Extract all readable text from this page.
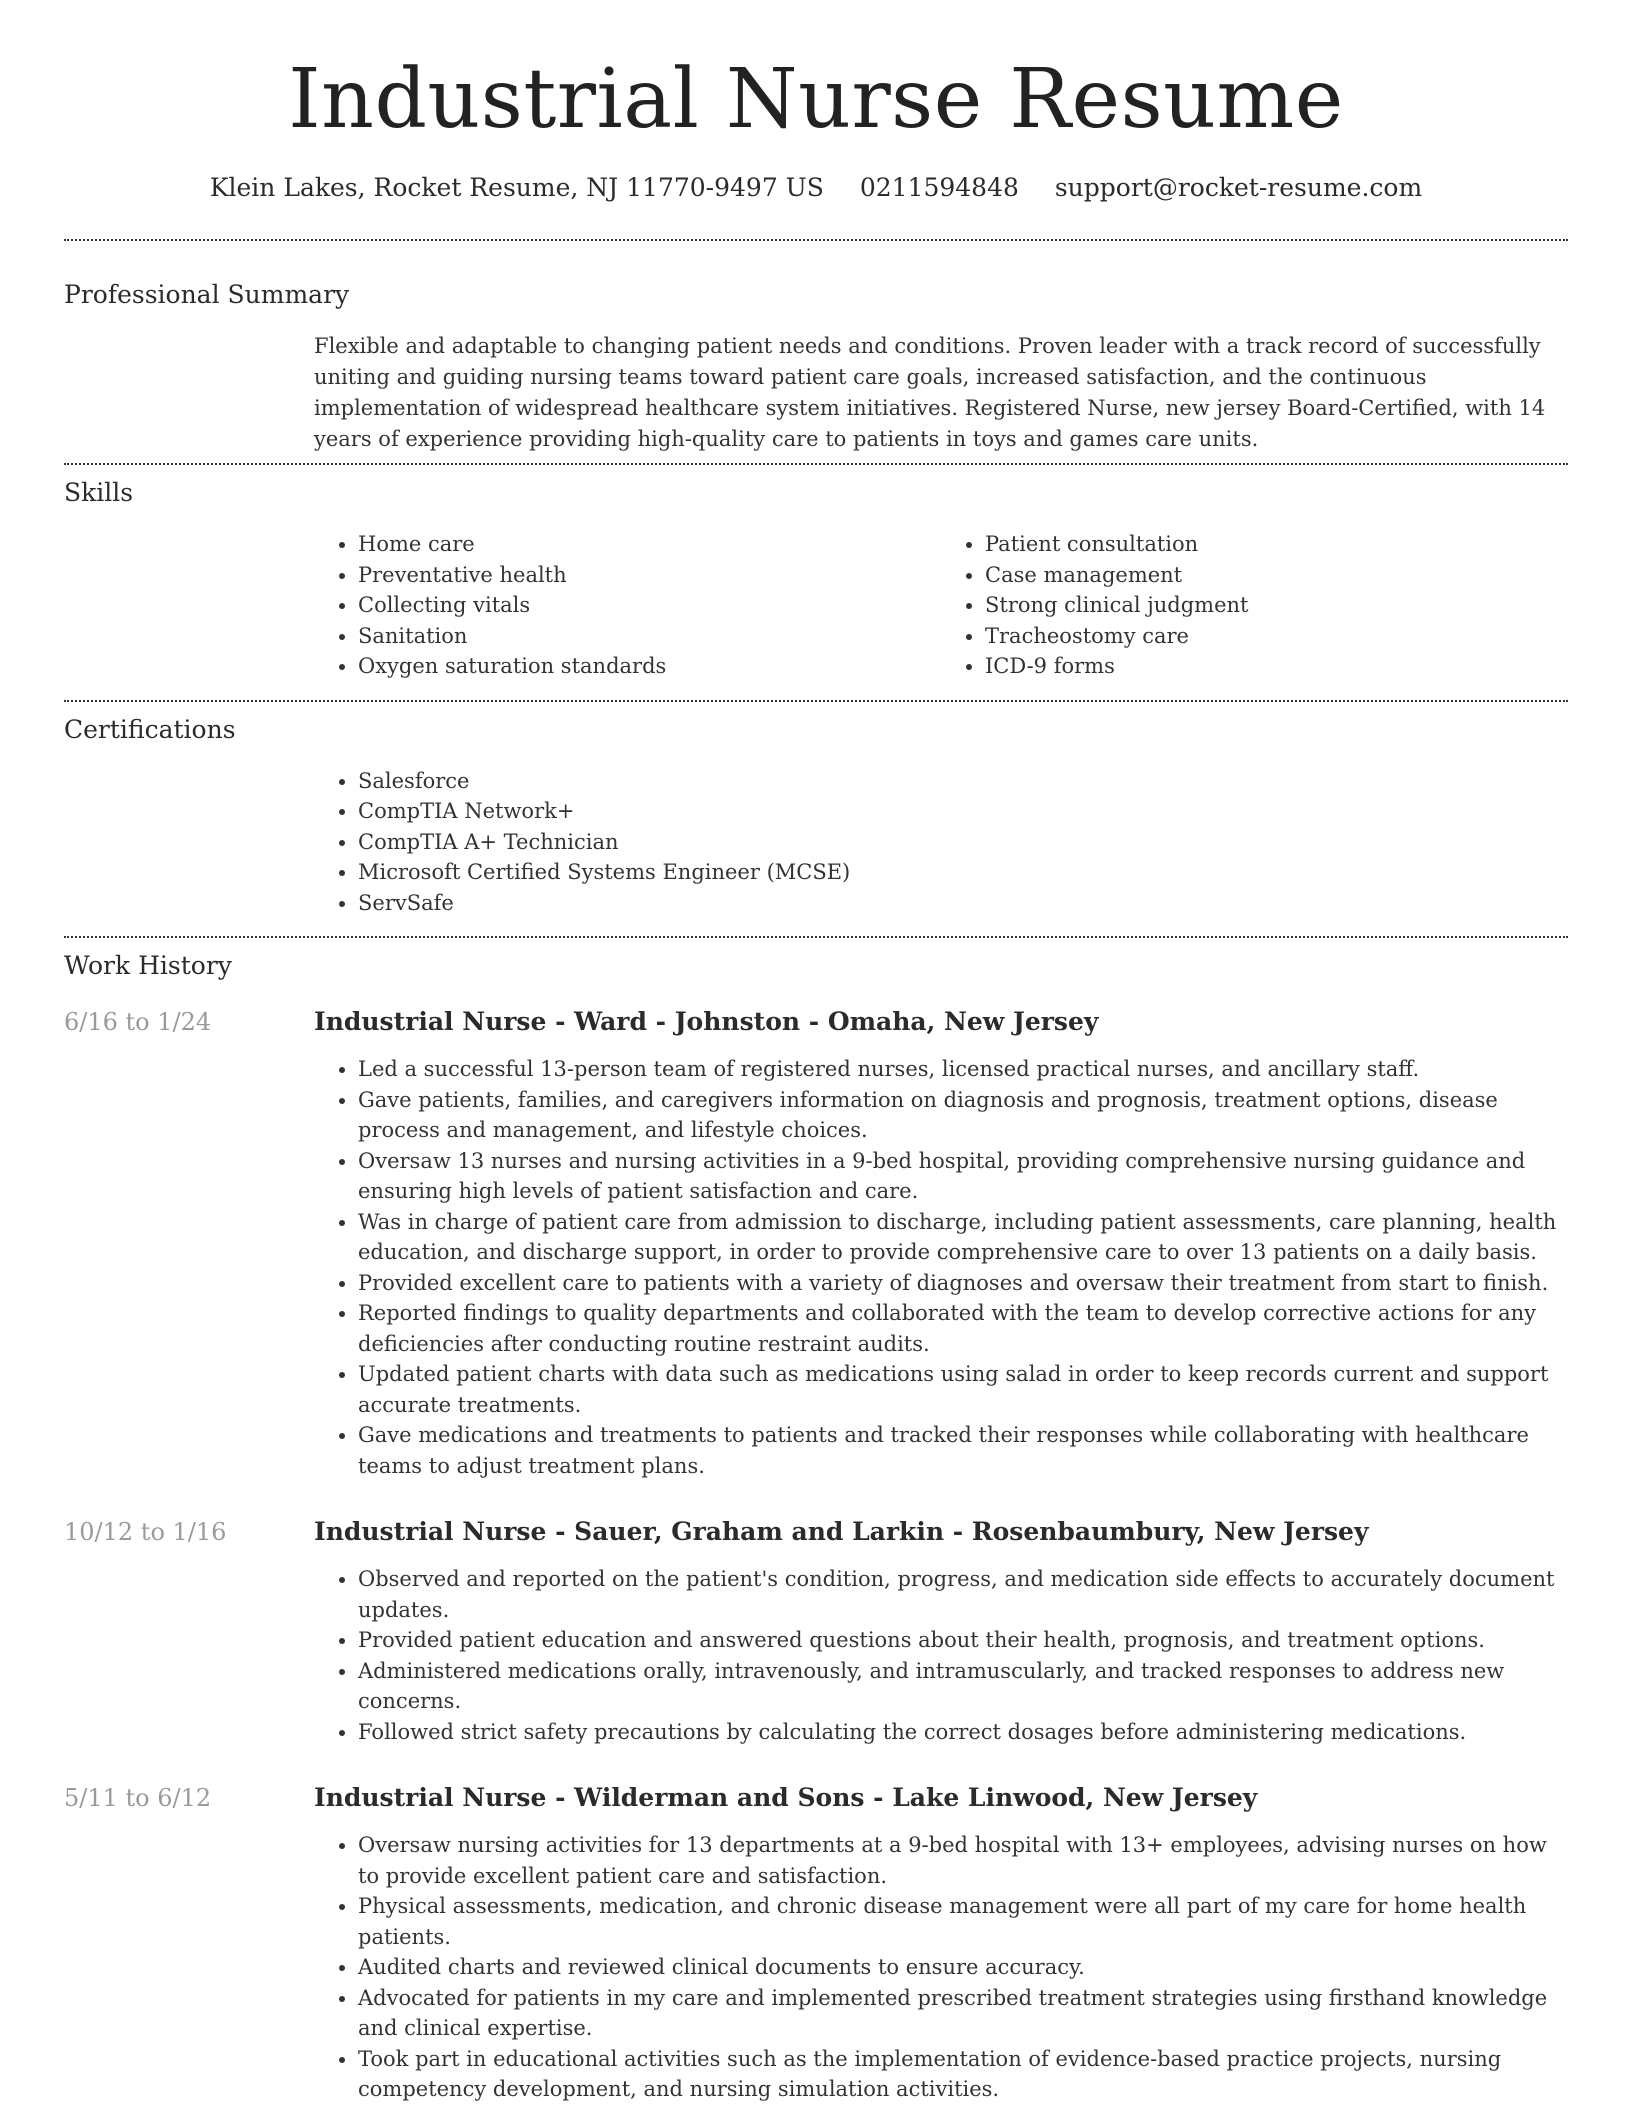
Industrial Nurse Resume
Klein Lakes, Rocket Resume, NJ 11770-9497 US 0211594848 support@rocket-resume.com
Professional Summary

Flexible and adaptable to changing patient needs and conditions. Proven leader with a track record of successfully uniting and guiding nursing teams toward patient care goals, increased satisfaction, and the continuous implementation of widespread healthcare system initiatives. Registered Nurse, new jersey Board-Certified, with 14 years of experience providing high-quality care to patients in toys and games care units.

Skills
• Home care
• Preventative health
• Collecting vitals
• Sanitation
• Oxygen saturation standards
• Patient consultation
• Case management
• Strong clinical judgment
• Tracheostomy care
• ICD-9 forms
Certifications
• Salesforce
• CompTIA Network+
• CompTIA A+ Technician
• Microsoft Certified Systems Engineer (MCSE)
• ServSafe
Work History
6/16 to 1/24	Industrial Nurse - Ward - Johnston - Omaha, New Jersey
• Led a successful 13-person team of registered nurses, licensed practical nurses, and ancillary staff.
• Gave patients, families, and caregivers information on diagnosis and prognosis, treatment options, disease process and management, and lifestyle choices.
• Oversaw 13 nurses and nursing activities in a 9-bed hospital, providing comprehensive nursing guidance and ensuring high levels of patient satisfaction and care.
• Was in charge of patient care from admission to discharge, including patient assessments, care planning, health education, and discharge support, in order to provide comprehensive care to over 13 patients on a daily basis.
• Provided excellent care to patients with a variety of diagnoses and oversaw their treatment from start to finish.
• Reported findings to quality departments and collaborated with the team to develop corrective actions for any deficiencies after conducting routine restraint audits.
• Updated patient charts with data such as medications using salad in order to keep records current and support accurate treatments.
• Gave medications and treatments to patients and tracked their responses while collaborating with healthcare teams to adjust treatment plans.
10/12 to 1/16	Industrial Nurse - Sauer, Graham and Larkin - Rosenbaumbury, New Jersey
• Observed and reported on the patient's condition, progress, and medication side effects to accurately document updates.
• Provided patient education and answered questions about their health, prognosis, and treatment options.
• Administered medications orally, intravenously, and intramuscularly, and tracked responses to address new concerns.
• Followed strict safety precautions by calculating the correct dosages before administering medications.
5/11 to 6/12	Industrial Nurse - Wilderman and Sons - Lake Linwood, New Jersey
• Oversaw nursing activities for 13 departments at a 9-bed hospital with 13+ employees, advising nurses on how to provide excellent patient care and satisfaction.
• Physical assessments, medication, and chronic disease management were all part of my care for home health patients.
• Audited charts and reviewed clinical documents to ensure accuracy.
• Advocated for patients in my care and implemented prescribed treatment strategies using firsthand knowledge and clinical expertise.
• Took part in educational activities such as the implementation of evidence-based practice projects, nursing competency development, and nursing simulation activities.
